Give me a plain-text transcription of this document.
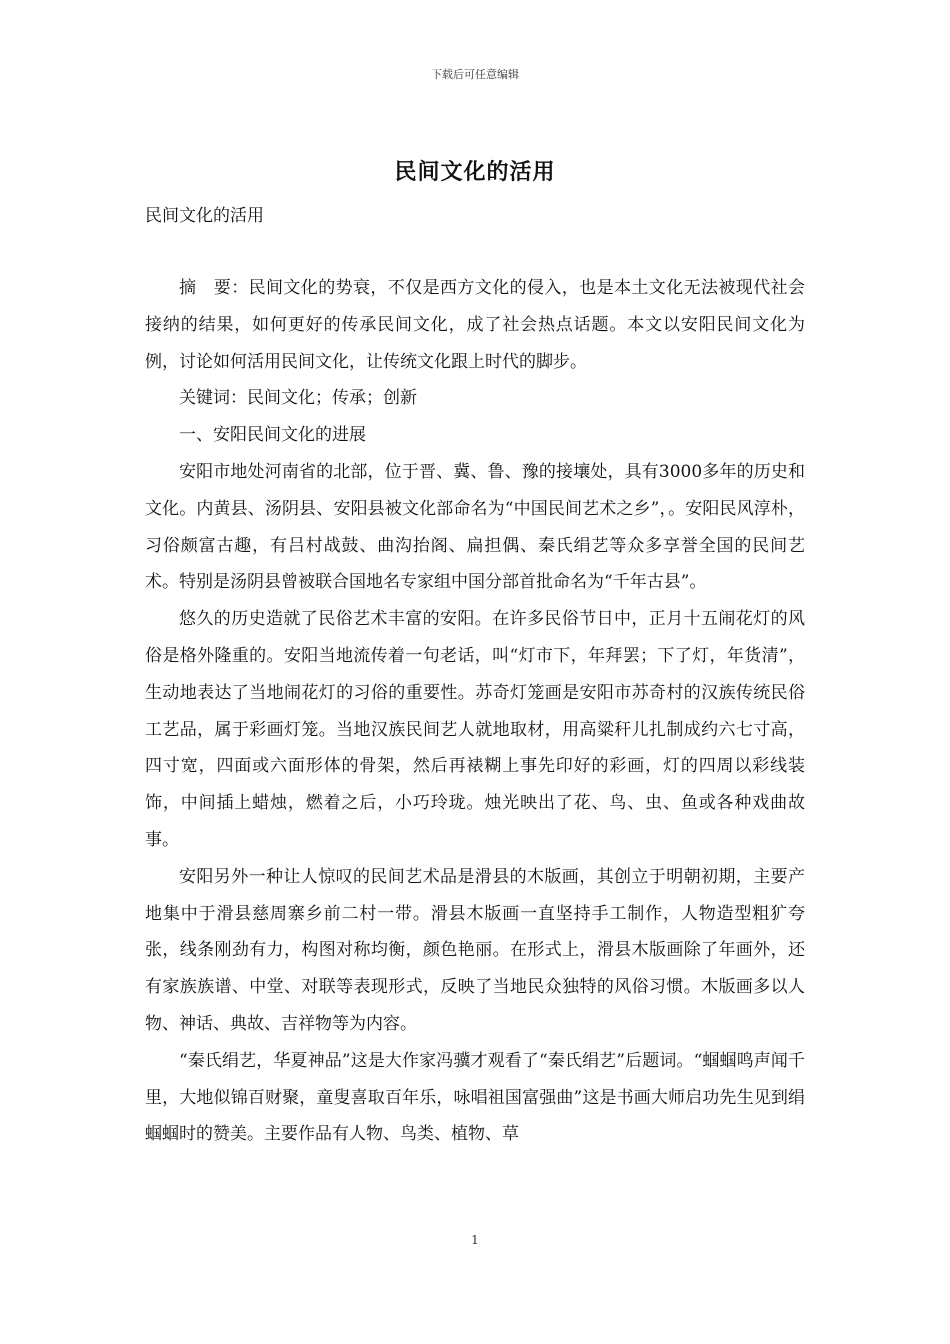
下载后可任意编辑
民间文化的活用
民间文化的活用

摘　要：民间文化的势衰，不仅是西方文化的侵入，也是本土文化无法被现代社会接纳的结果，如何更好的传承民间文化，成了社会热点话题。本文以安阳民间文化为例，讨论如何活用民间文化，让传统文化跟上时代的脚步。

关键词：民间文化；传承；创新

一、安阳民间文化的进展

安阳市地处河南省的北部，位于晋、冀、鲁、豫的接壤处，具有3000多年的历史和文化。内黄县、汤阴县、安阳县被文化部命名为“中国民间艺术之乡”，。安阳民风淳朴，习俗颇富古趣，有吕村战鼓、曲沟抬阁、扁担偶、秦氏绢艺等众多享誉全国的民间艺术。特别是汤阴县曾被联合国地名专家组中国分部首批命名为“千年古县”。

悠久的历史造就了民俗艺术丰富的安阳。在许多民俗节日中，正月十五闹花灯的风俗是格外隆重的。安阳当地流传着一句老话，叫“灯市下，年拜罢；下了灯，年货清”，生动地表达了当地闹花灯的习俗的重要性。苏奇灯笼画是安阳市苏奇村的汉族传统民俗工艺品，属于彩画灯笼。当地汉族民间艺人就地取材，用高粱秆儿扎制成约六七寸高，四寸宽，四面或六面形体的骨架，然后再裱糊上事先印好的彩画，灯的四周以彩线装饰，中间插上蜡烛，燃着之后，小巧玲珑。烛光映出了花、鸟、虫、鱼或各种戏曲故事。

安阳另外一种让人惊叹的民间艺术品是滑县的木版画，其创立于明朝初期，主要产地集中于滑县慈周寨乡前二村一带。滑县木版画一直坚持手工制作，人物造型粗犷夸张，线条刚劲有力，构图对称均衡，颜色艳丽。在形式上，滑县木版画除了年画外，还有家族族谱、中堂、对联等表现形式，反映了当地民众独特的风俗习惯。木版画多以人物、神话、典故、吉祥物等为内容。

“秦氏绢艺，华夏神品”这是大作家冯骥才观看了“秦氏绢艺”后题词。“蝈蝈鸣声闻千里，大地似锦百财聚，童叟喜取百年乐，咏唱祖国富强曲”这是书画大师启功先生见到绢蝈蝈时的赞美。主要作品有人物、鸟类、植物、草

1
